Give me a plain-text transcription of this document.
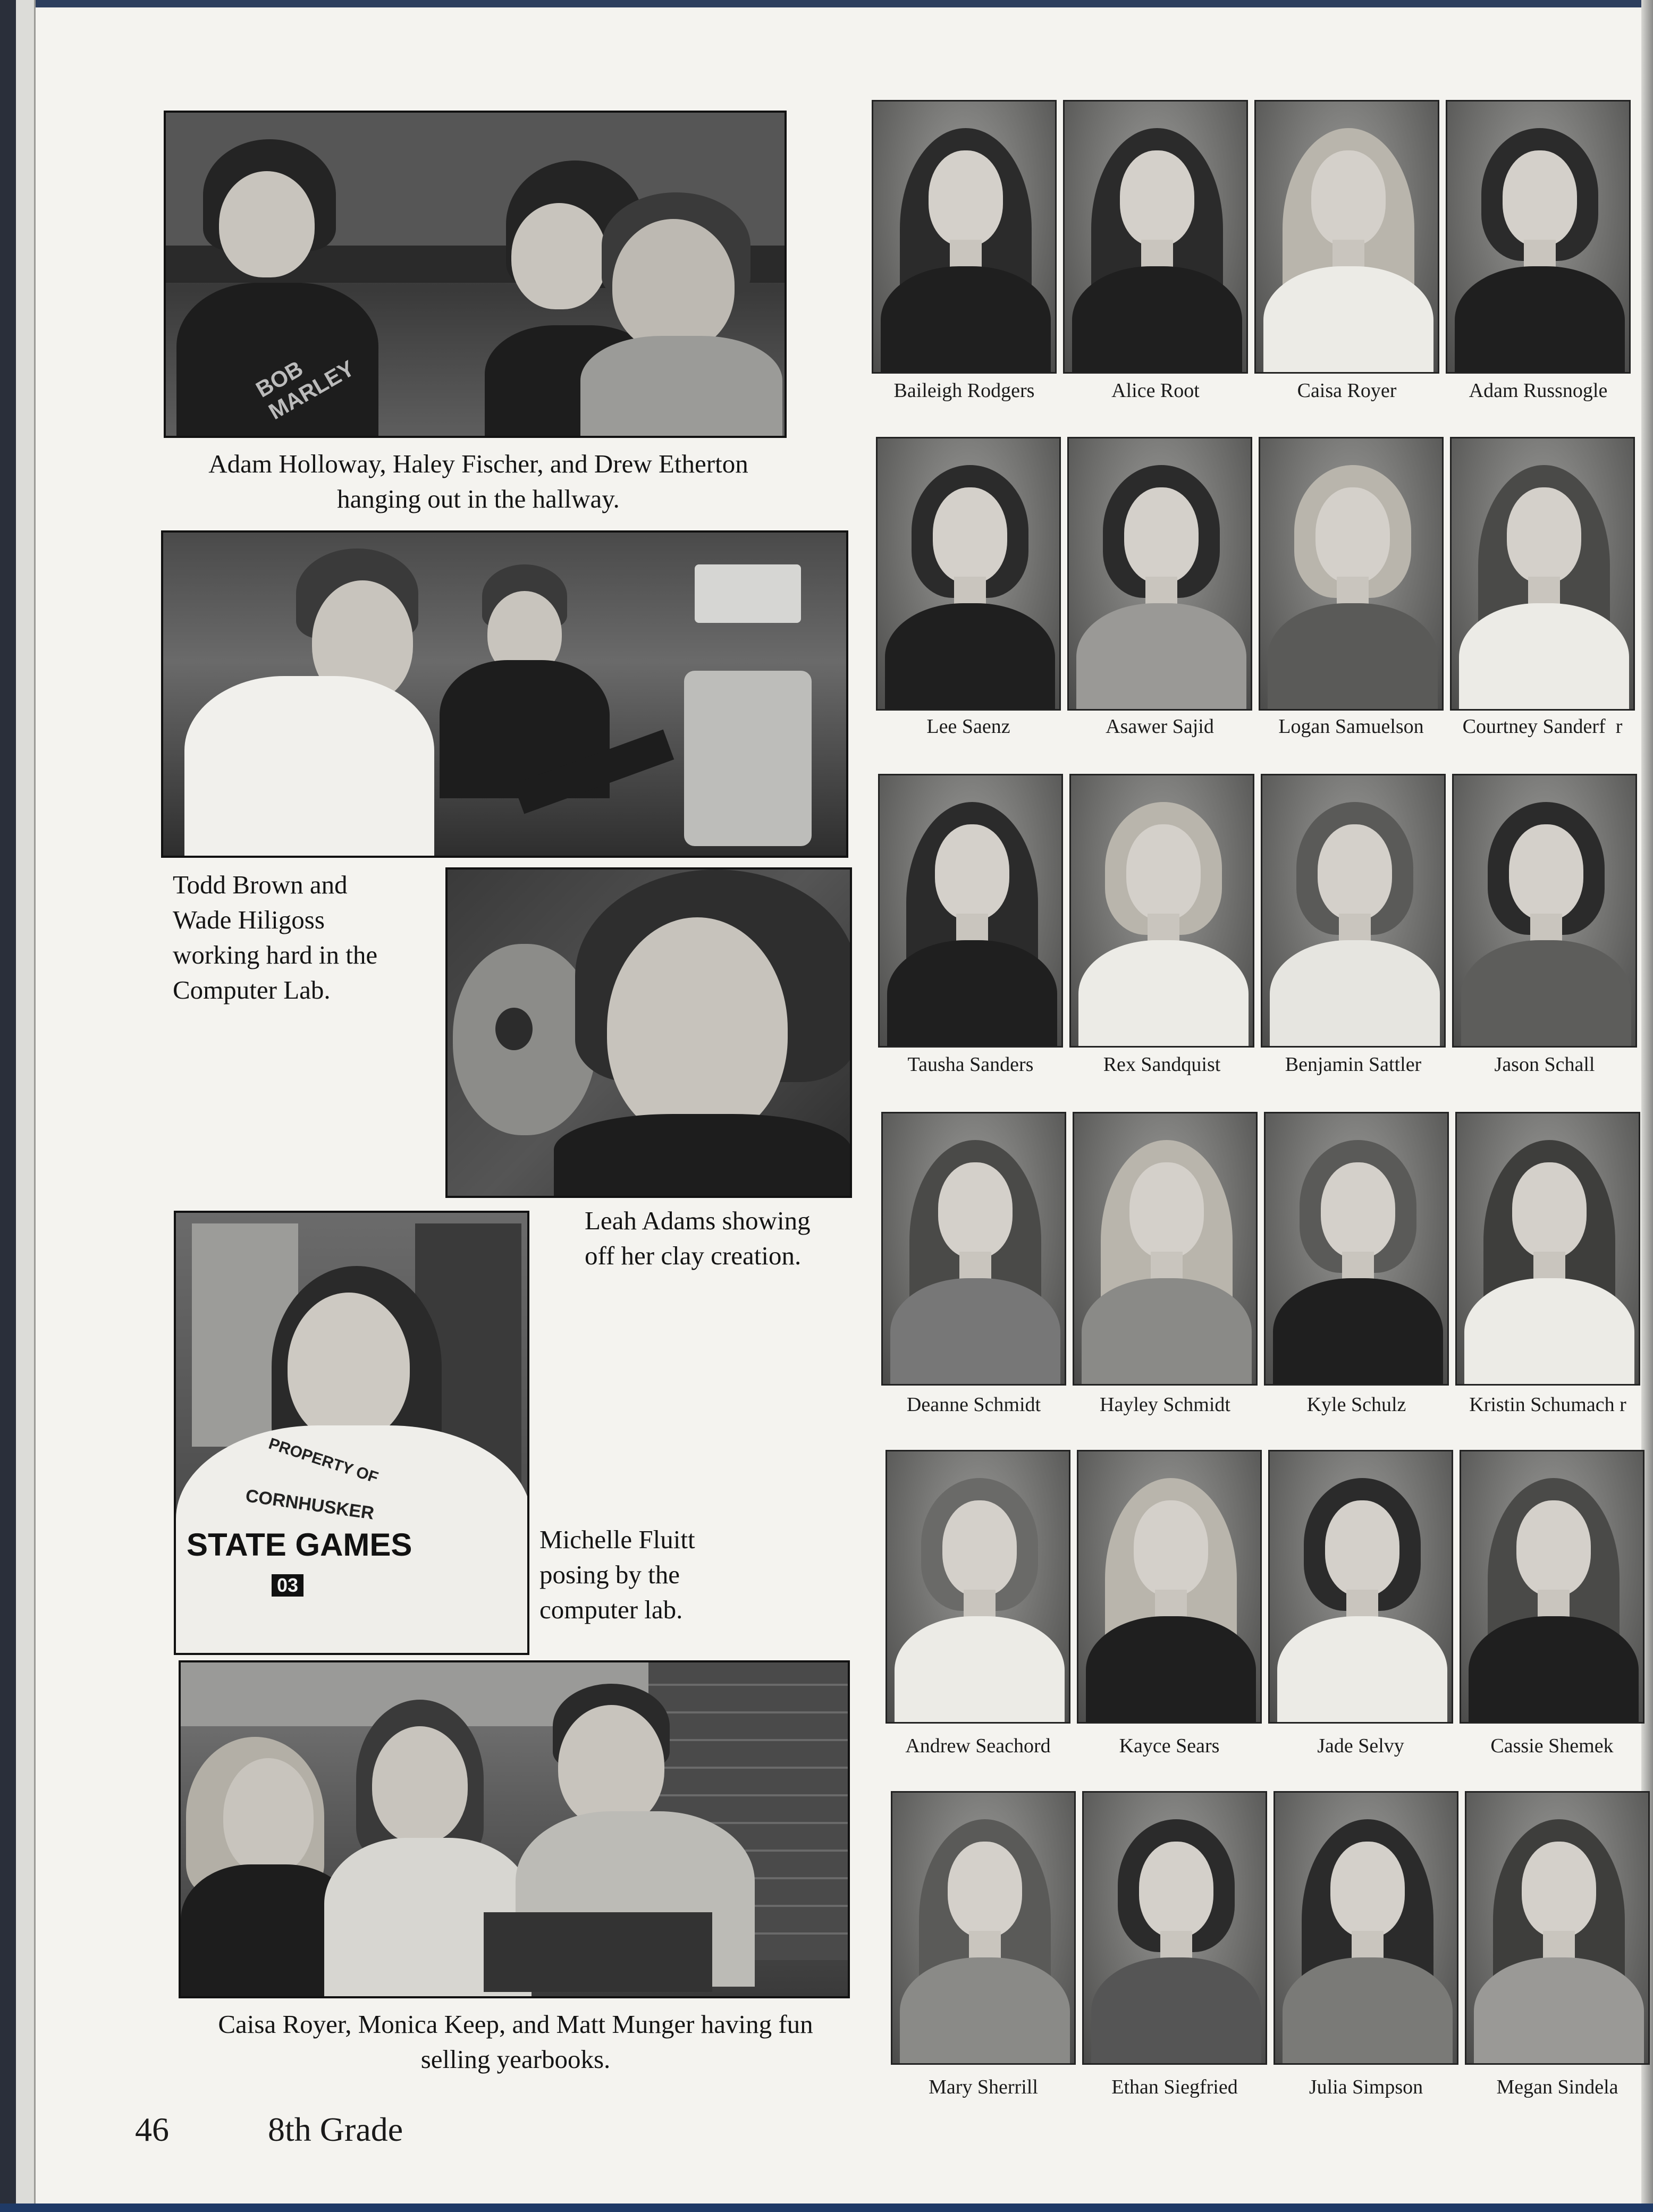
BOB MARLEY
Adam Holloway, Haley Fischer, and Drew Etherton
hanging out in the hallway.
Todd Brown and
Wade Hiligoss
working hard in the
Computer Lab.
Leah Adams showing
off her clay creation.
PROPERTY OF
CORNHUSKER
STATE GAMES
03
Michelle Fluitt
posing by the
computer lab.
Caisa Royer, Monica Keep, and Matt Munger having fun
selling yearbooks.
Baileigh Rodgers	Alice Root	Caisa Royer	Adam Russnogle
Lee Saenz	Asawer Sajid	Logan Samuelson	Courtney Sanderf  r
Tausha Sanders	Rex Sandquist	Benjamin Sattler	Jason Schall
Deanne Schmidt	Hayley Schmidt	Kyle Schulz	Kristin Schumach r
Andrew Seachord	Kayce Sears	Jade Selvy	Cassie Shemek
Mary Sherrill	Ethan Siegfried	Julia Simpson	Megan Sindela
46	8th Grade
